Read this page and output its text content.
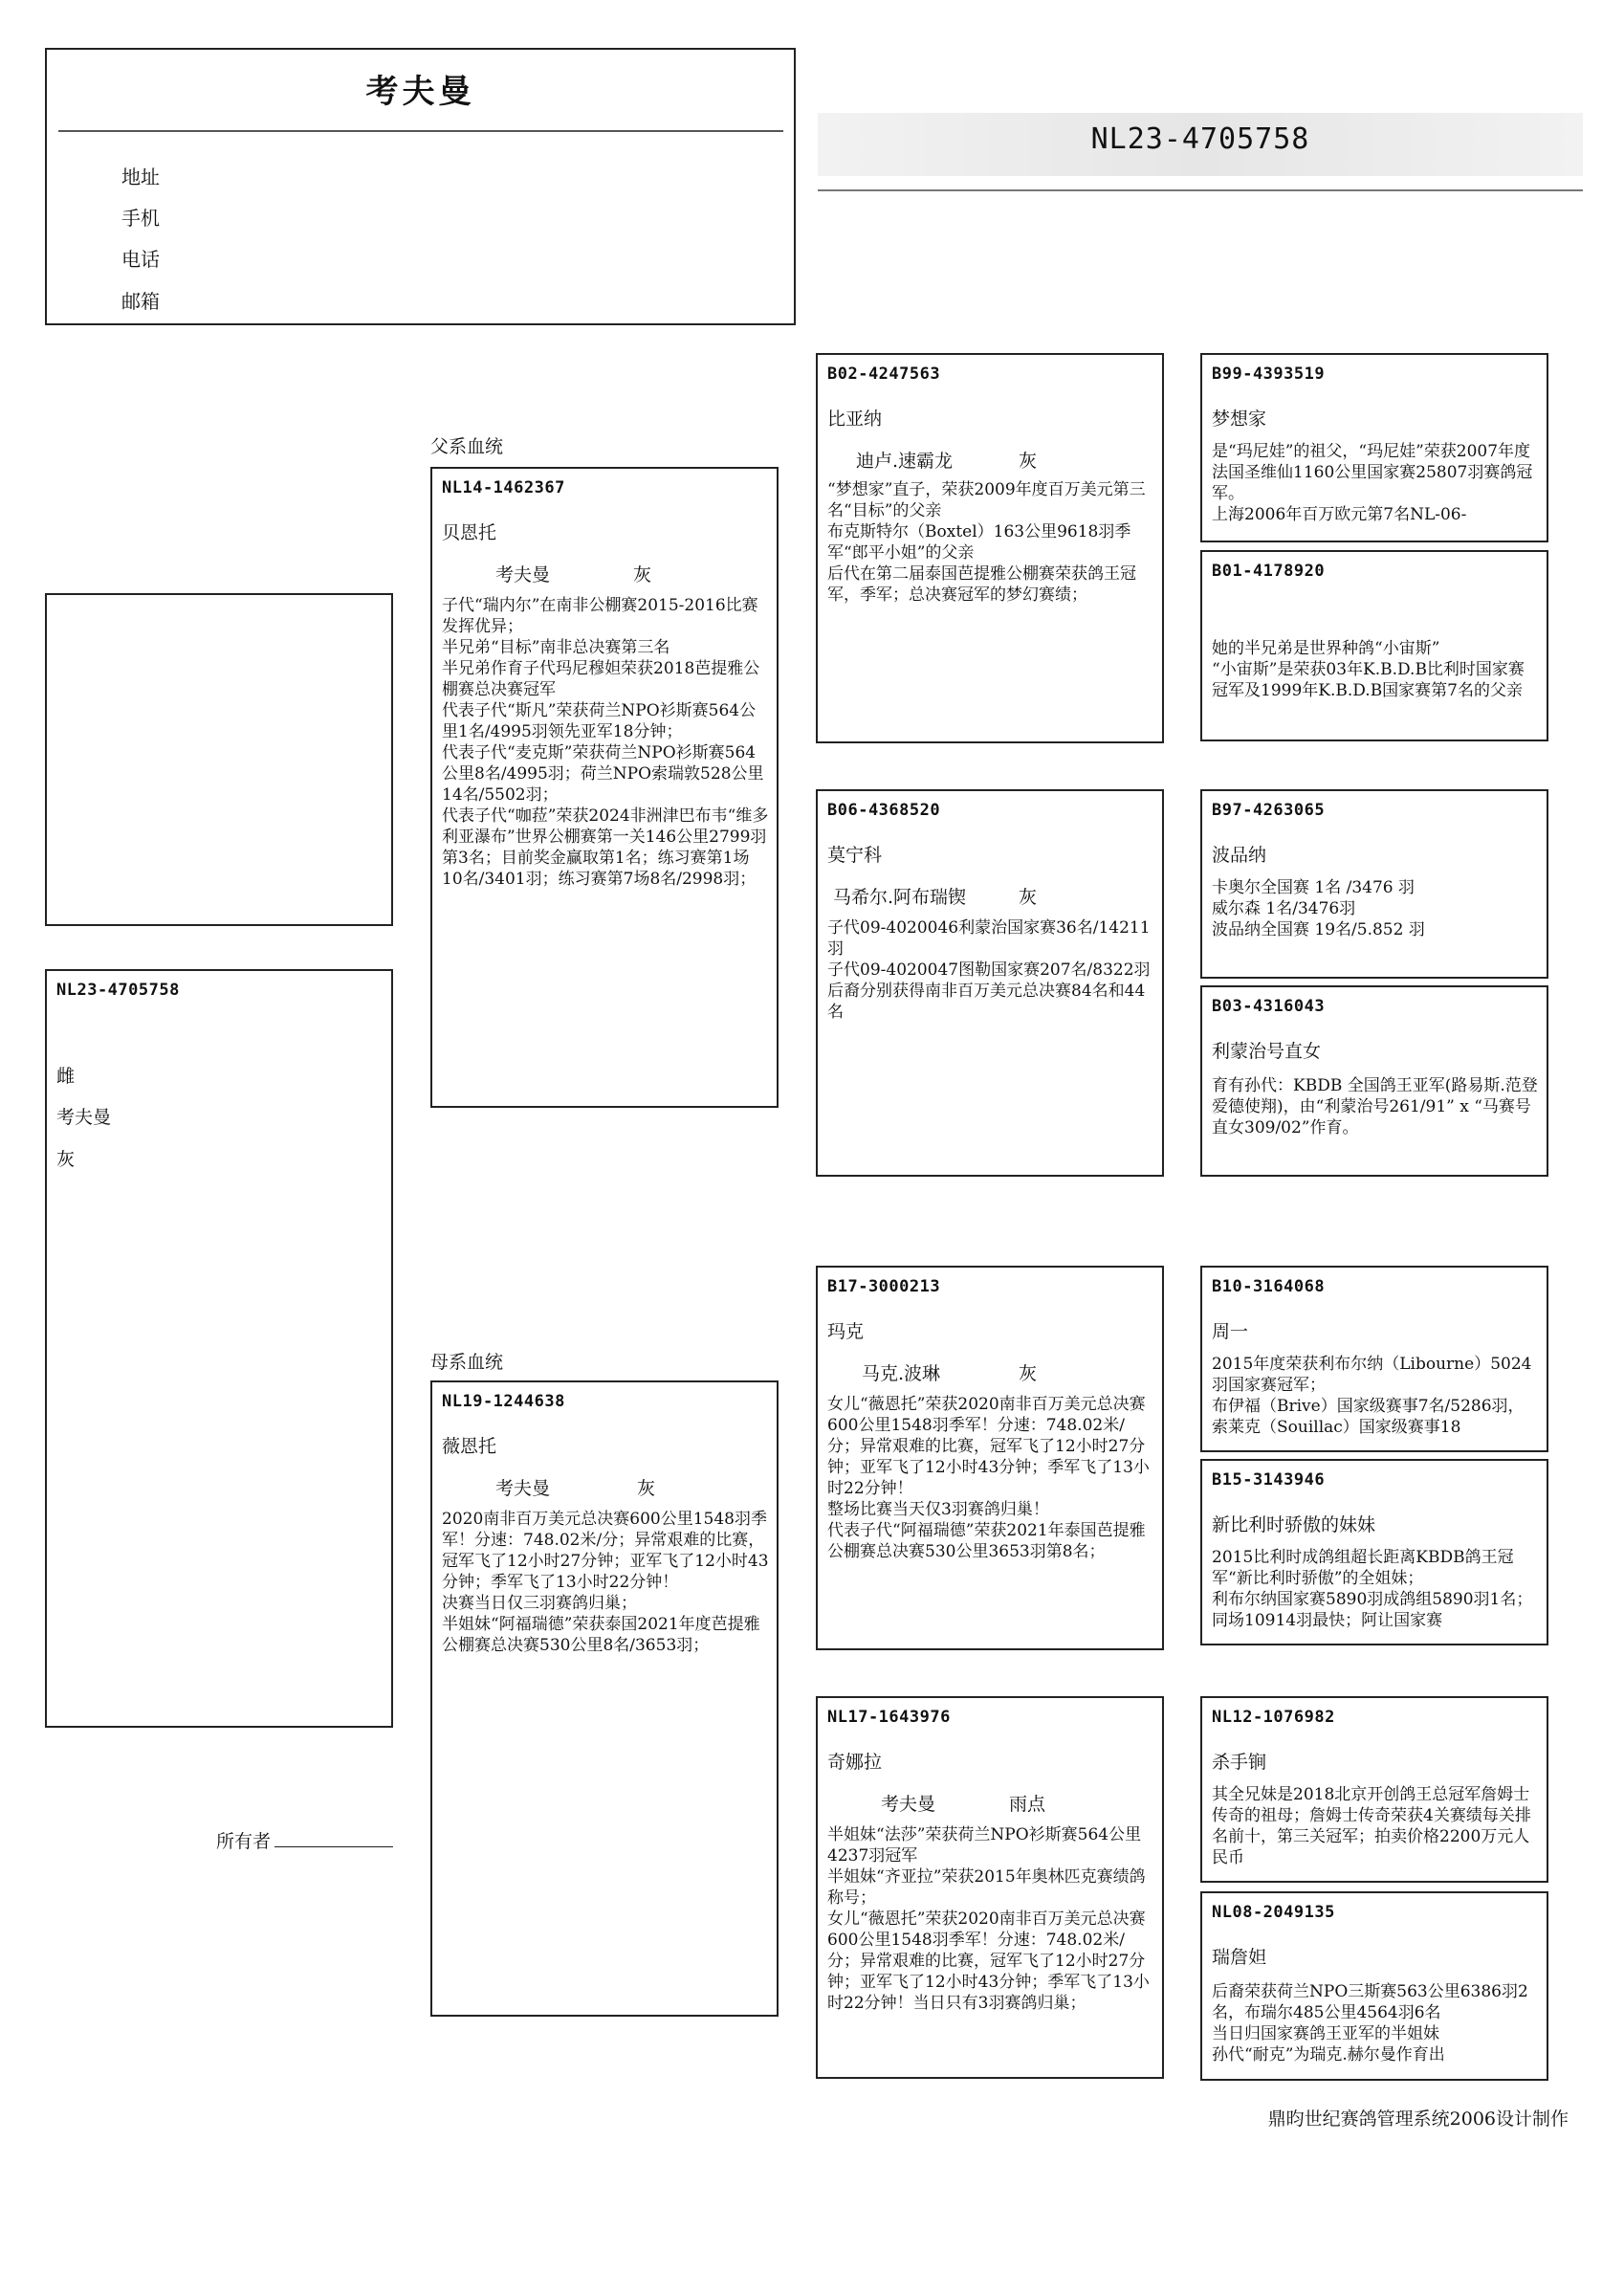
考夫曼
地址
手机
电话
邮箱
NL23-4705758
NL23-4705758
雌
考夫曼
灰
所有者
父系血统
NL14-1462367
贝恩托
考夫曼	灰
子代“瑞内尔”在南非公棚赛2015-2016比赛发挥优异；
半兄弟“目标”南非总决赛第三名
半兄弟作育子代玛尼穆妲荣获2018芭提雅公棚赛总决赛冠军
代表子代“斯凡”荣获荷兰NPO衫斯赛564公里1名/4995羽领先亚军18分钟；
代表子代“麦克斯”荣获荷兰NPO衫斯赛564公里8名/4995羽；荷兰NPO索瑞敦528公里14名/5502羽；
代表子代“咖菈”荣获2024非洲津巴布韦“维多利亚瀑布”世界公棚赛第一关146公里2799羽第3名；目前奖金赢取第1名；练习赛第1场10名/3401羽；练习赛第7场8名/2998羽；
母系血统
NL19-1244638
薇恩托
考夫曼	灰
2020南非百万美元总决赛600公里1548羽季军！分速：748.02米/分；异常艰难的比赛，冠军飞了12小时27分钟；亚军飞了12小时43分钟；季军飞了13小时22分钟！
决赛当日仅三羽赛鸽归巢；
半姐妹“阿福瑞德”荣获泰国2021年度芭提雅公棚赛总决赛530公里8名/3653羽；
B02-4247563
比亚纳
迪卢.速霸龙	灰
“梦想家”直子，荣获2009年度百万美元第三名“目标”的父亲
布克斯特尔（Boxtel）163公里9618羽季军“郎平小姐”的父亲
后代在第二届泰国芭提雅公棚赛荣获鸽王冠军，季军；总决赛冠军的梦幻赛绩；
B06-4368520
莫宁科
马希尔.阿布瑞锲	灰
子代09-4020046利蒙治国家赛36名/14211羽
子代09-4020047图勒国家赛207名/8322羽
后裔分别获得南非百万美元总决赛84名和44名
B17-3000213
玛克
马克.波琳	灰
女儿“薇恩托”荣获2020南非百万美元总决赛600公里1548羽季军！分速：748.02米/分；异常艰难的比赛，冠军飞了12小时27分钟；亚军飞了12小时43分钟；季军飞了13小时22分钟！
整场比赛当天仅3羽赛鸽归巢！
代表子代“阿福瑞德”荣获2021年泰国芭提雅公棚赛总决赛530公里3653羽第8名；
NL17-1643976
奇娜拉
考夫曼	雨点
半姐妹“法莎”荣获荷兰NPO衫斯赛564公里4237羽冠军
半姐妹“齐亚拉”荣获2015年奥林匹克赛绩鸽称号；
女儿“薇恩托”荣获2020南非百万美元总决赛600公里1548羽季军！分速：748.02米/分；异常艰难的比赛，冠军飞了12小时27分钟；亚军飞了12小时43分钟；季军飞了13小时22分钟！当日只有3羽赛鸽归巢；
B99-4393519
梦想家
是“玛尼娃”的祖父，“玛尼娃”荣获2007年度法国圣维仙1160公里国家赛25807羽赛鸽冠军。
上海2006年百万欧元第7名NL-06-
B01-4178920
她的半兄弟是世界种鸽“小宙斯”
“小宙斯”是荣获03年K.B.D.B比利时国家赛冠军及1999年K.B.D.B国家赛第7名的父亲
B97-4263065
波品纳
卡奥尔全国赛 1名 /3476 羽
威尔森 1名/3476羽
波品纳全国赛 19名/5.852 羽
B03-4316043
利蒙治号直女
育有孙代：KBDB 全国鸽王亚军(路易斯.范登爱德使翔)，由“利蒙治号261/91” x “马赛号直女309/02”作育。
B10-3164068
周一
2015年度荣获利布尔纳（Libourne）5024羽国家赛冠军；
布伊福（Brive）国家级赛事7名/5286羽，索莱克（Souillac）国家级赛事18
B15-3143946
新比利时骄傲的妹妹
2015比利时成鸽组超长距离KBDB鸽王冠军“新比利时骄傲”的全姐妹；
利布尔纳国家赛5890羽成鸽组5890羽1名；同场10914羽最快；阿让国家赛
NL12-1076982
杀手锏
其全兄妹是2018北京开创鸽王总冠军詹姆士传奇的祖母；詹姆士传奇荣获4关赛绩每关排名前十，第三关冠军；拍卖价格2200万元人民币
NL08-2049135
瑞詹妲
后裔荣获荷兰NPO三斯赛563公里6386羽2名，布瑞尔485公里4564羽6名
当日归国家赛鸽王亚军的半姐妹
孙代“耐克”为瑞克.赫尔曼作育出
鼎昀世纪赛鸽管理系统2006设计制作
